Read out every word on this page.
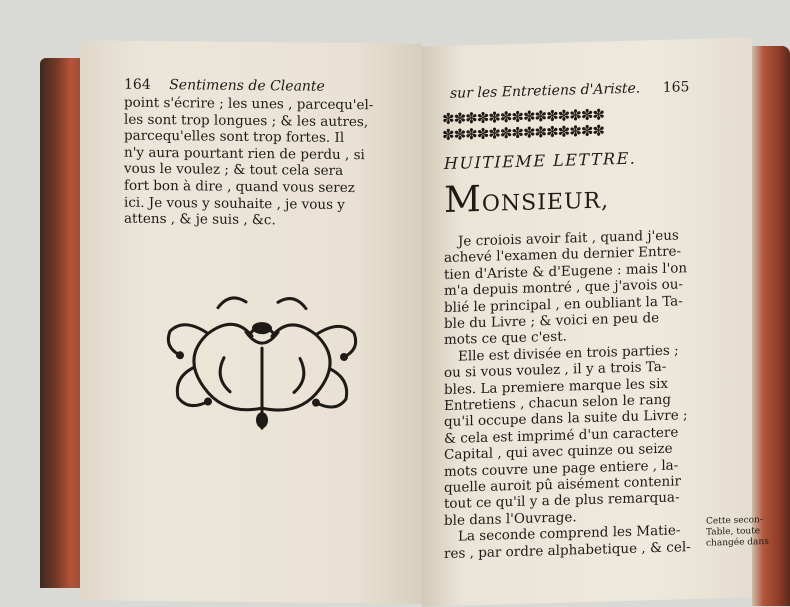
164 Sentimens de Cleante
point s'écrire ; les unes , parcequ'el-
les sont trop longues ; & les autres,
parcequ'elles sont trop fortes. Il
n'y aura pourtant rien de perdu , si
vous le voulez ; & tout cela sera
fort bon à dire , quand vous serez
ici. Je vous y souhaite , je vous y
attens , & je suis , &c.
sur les Entretiens d'Ariste. 165
✽✽✽✽✽✽✽✽✽✽✽✽✽✽
✽✽✽✽✽✽✽✽✽✽✽✽✽✽
HUITIEME LETTRE.
MONSIEUR,
Je croiois avoir fait , quand j'eus
achevé l'examen du dernier Entre-
tien d'Ariste & d'Eugene : mais l'on
m'a depuis montré , que j'avois ou-
blié le principal , en oubliant la Ta-
ble du Livre ; & voici en peu de
mots ce que c'est.
Elle est divisée en trois parties ;
ou si vous voulez , il y a trois Ta-
bles. La premiere marque les six
Entretiens , chacun selon le rang
qu'il occupe dans la suite du Livre ;
& cela est imprimé d'un caractere
Capital , qui avec quinze ou seize
mots couvre une page entiere , la-
quelle auroit pû aisément contenir
tout ce qu'il y a de plus remarqua-
ble dans l'Ouvrage.
La seconde comprend les Matie-
res , par ordre alphabetique , & cel-
Cette secon-
Table, toute
changée dans
